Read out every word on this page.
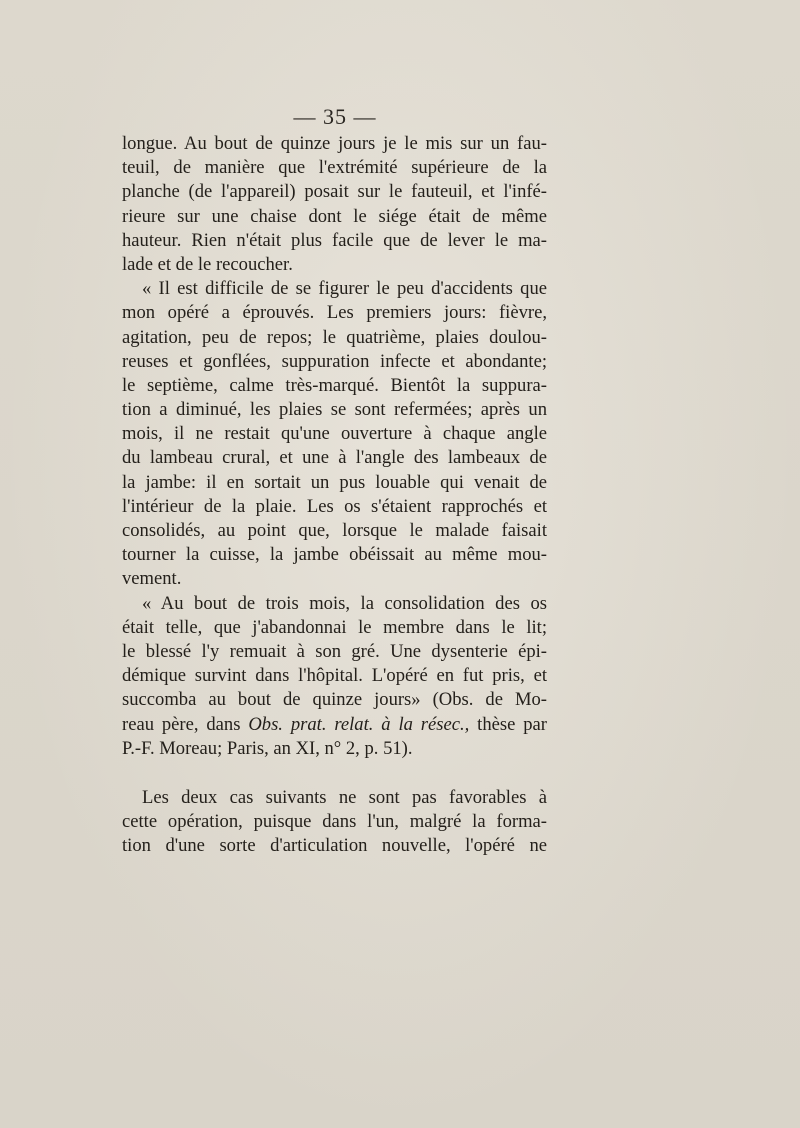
— 35 —
longue. Au bout de quinze jours je le mis sur un fau-
teuil, de manière que l'extrémité supérieure de la
planche (de l'appareil) posait sur le fauteuil, et l'infé-
rieure sur une chaise dont le siége était de même
hauteur. Rien n'était plus facile que de lever le ma-
lade et de le recoucher.
« Il est difficile de se figurer le peu d'accidents que
mon opéré a éprouvés. Les premiers jours: fièvre,
agitation, peu de repos; le quatrième, plaies doulou-
reuses et gonflées, suppuration infecte et abondante;
le septième, calme très-marqué. Bientôt la suppura-
tion a diminué, les plaies se sont refermées; après un
mois, il ne restait qu'une ouverture à chaque angle
du lambeau crural, et une à l'angle des lambeaux de
la jambe: il en sortait un pus louable qui venait de
l'intérieur de la plaie. Les os s'étaient rapprochés et
consolidés, au point que, lorsque le malade faisait
tourner la cuisse, la jambe obéissait au même mou-
vement.
« Au bout de trois mois, la consolidation des os
était telle, que j'abandonnai le membre dans le lit;
le blessé l'y remuait à son gré. Une dysenterie épi-
démique survint dans l'hôpital. L'opéré en fut pris, et
succomba au bout de quinze jours» (Obs. de Mo-
reau père, dans Obs. prat. relat. à la résec., thèse par
P.-F. Moreau; Paris, an XI, n° 2, p. 51).
Les deux cas suivants ne sont pas favorables à
cette opération, puisque dans l'un, malgré la forma-
tion d'une sorte d'articulation nouvelle, l'opéré ne
